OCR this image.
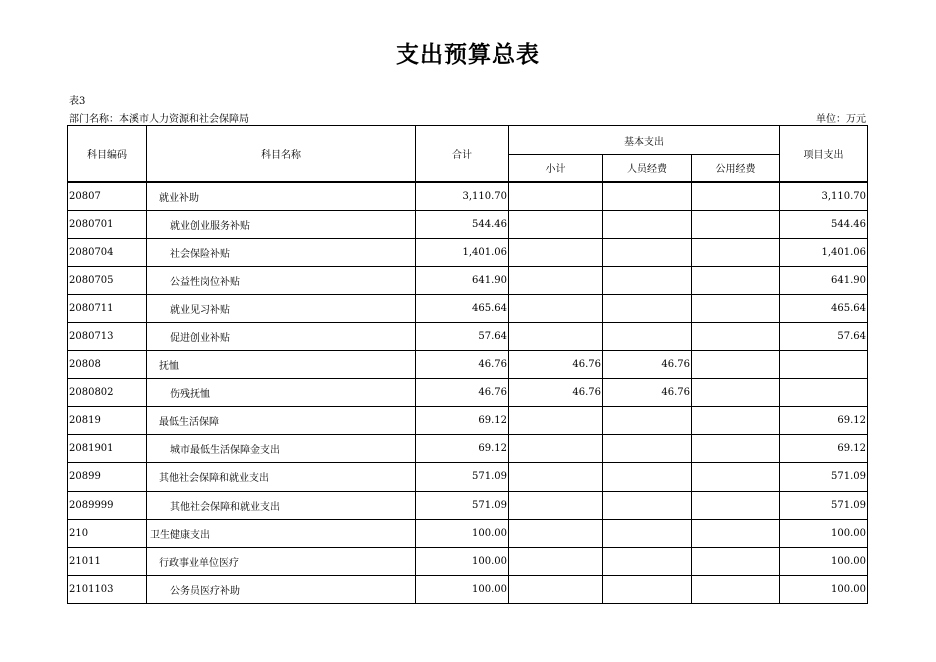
支出预算总表
表3
部门名称：本溪市人力资源和社会保障局	单位：万元
科目编码	科目名称	合计	基本支出			项目支出
			小计	人员经费	公用经费	
20807	就业补助	3,110.70				3,110.70
2080701	就业创业服务补贴	544.46				544.46
2080704	社会保险补贴	1,401.06				1,401.06
2080705	公益性岗位补贴	641.90				641.90
2080711	就业见习补贴	465.64				465.64
2080713	促进创业补贴	57.64				57.64
20808	抚恤	46.76	46.76	46.76		
2080802	伤残抚恤	46.76	46.76	46.76		
20819	最低生活保障	69.12				69.12
2081901	城市最低生活保障金支出	69.12				69.12
20899	其他社会保障和就业支出	571.09				571.09
2089999	其他社会保障和就业支出	571.09				571.09
210	卫生健康支出	100.00				100.00
21011	行政事业单位医疗	100.00				100.00
2101103	公务员医疗补助	100.00				100.00
